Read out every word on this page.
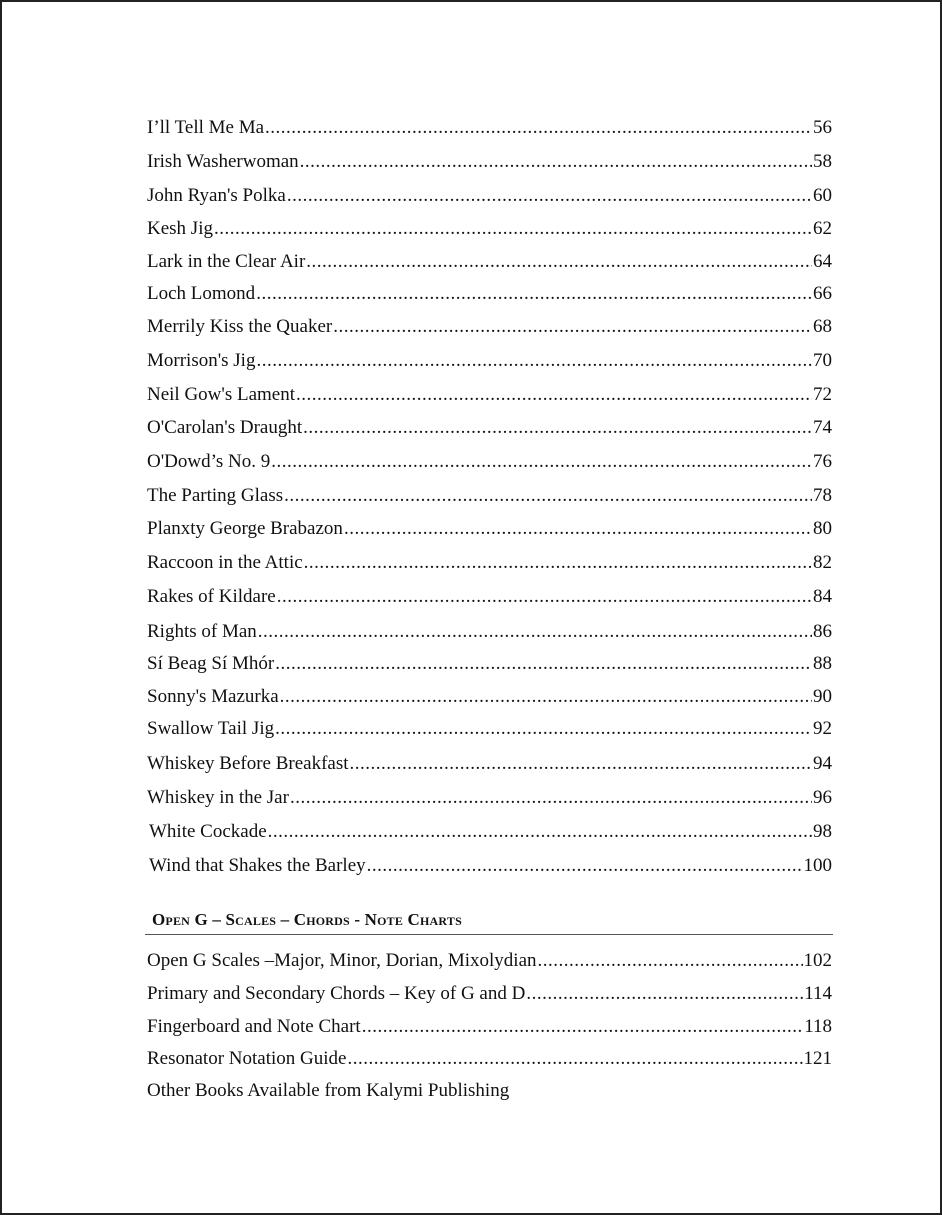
I’ll Tell Me Ma .....	56
Irish Washerwoman .....	58
John Ryan's Polka .....	60
Kesh Jig .....	62
Lark in the Clear Air .....	64
Loch Lomond .....	66
Merrily Kiss the Quaker .....	68
Morrison's Jig .....	70
Neil Gow's Lament .....	72
O'Carolan's Draught .....	74
O'Dowd’s No. 9 .....	76
The Parting Glass .....	78
Planxty George Brabazon .....	80
Raccoon in the Attic .....	82
Rakes of Kildare .....	84
Rights of Man .....	86
Sí Beag Sí Mhór .....	88
Sonny's Mazurka .....	90
Swallow Tail Jig .....	92
Whiskey Before Breakfast .....	94
Whiskey in the Jar .....	96
White Cockade .....	98
Wind that Shakes the Barley .....	100
Open G – Scales – Chords - Note Charts
Open G Scales –Major, Minor, Dorian, Mixolydian .....	102
Primary and Secondary Chords – Key of G and D .....	114
Fingerboard and Note Chart .....	118
Resonator Notation Guide .....	121
Other Books Available from Kalymi Publishing
